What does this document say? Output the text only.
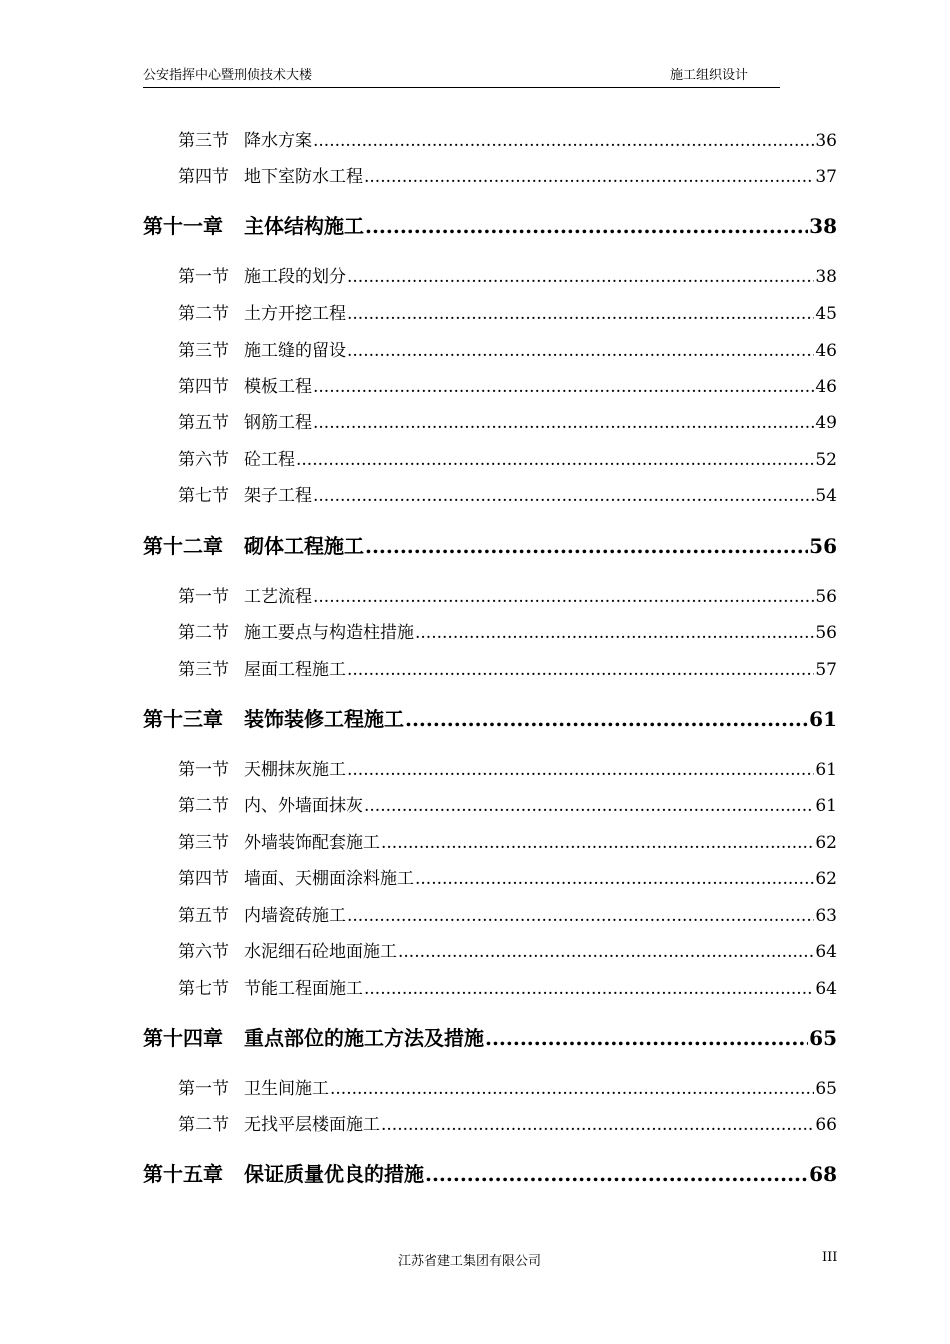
公安指挥中心暨刑侦技术大楼	施工组织设计
第三节 降水方案 .....	36
第四节 地下室防水工程 .....	37
第十一章	主体结构施工 .....	38
第一节 施工段的划分 .....	38
第二节 土方开挖工程 .....	45
第三节 施工缝的留设 .....	46
第四节 模板工程 .....	46
第五节 钢筋工程 .....	49
第六节 砼工程 .....	52
第七节 架子工程 .....	54
第十二章	砌体工程施工 .....	56
第一节 工艺流程 .....	56
第二节 施工要点与构造柱措施 .....	56
第三节 屋面工程施工 .....	57
第十三章	装饰装修工程施工 .....	61
第一节 天棚抹灰施工 .....	61
第二节 内、外墙面抹灰 .....	61
第三节 外墙装饰配套施工 .....	62
第四节 墙面、天棚面涂料施工 .....	62
第五节 内墙瓷砖施工 .....	63
第六节 水泥细石砼地面施工 .....	64
第七节 节能工程面施工 .....	64
第十四章	重点部位的施工方法及措施 .....	65
第一节 卫生间施工 .....	65
第二节 无找平层楼面施工 .....	66
第十五章	保证质量优良的措施 .....	68
江苏省建工集团有限公司	III
